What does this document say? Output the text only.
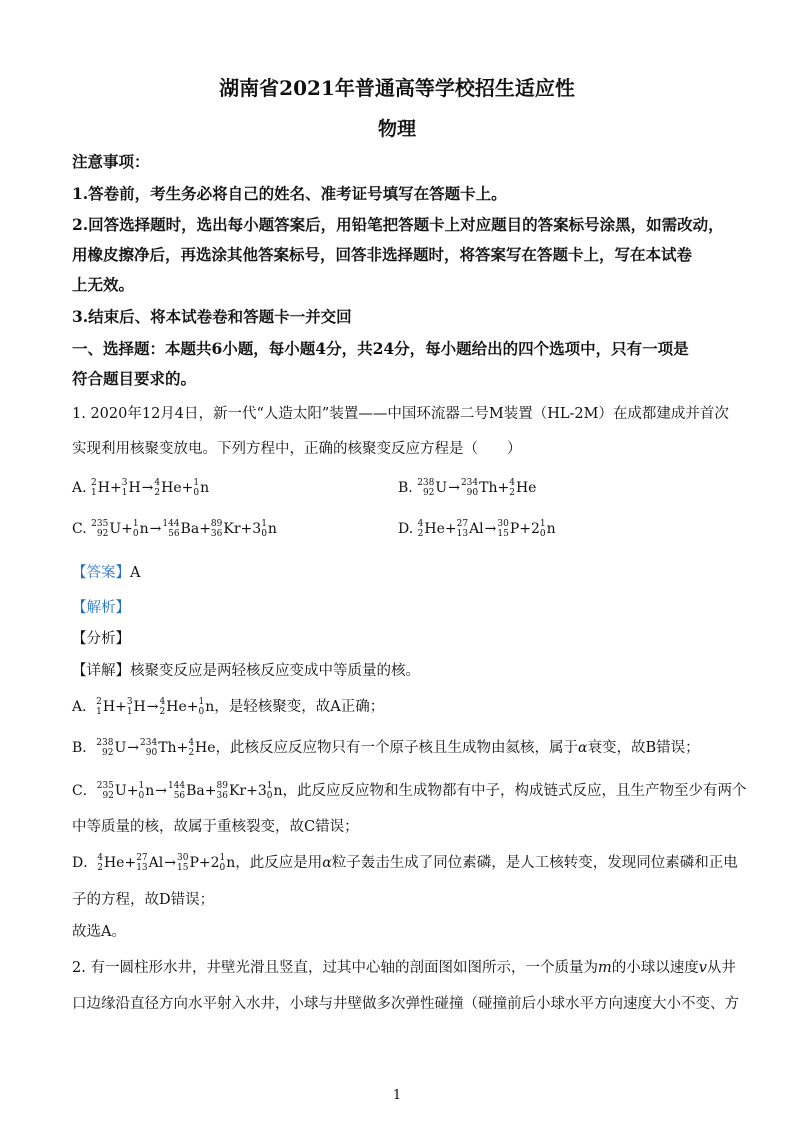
湖南省2021年普通高等学校招生适应性
物理
注意事项：
1.答卷前，考生务必将自己的姓名、准考证号填写在答题卡上。
2.回答选择题时，选出每小题答案后，用铅笔把答题卡上对应题目的答案标号涂黑，如需改动，
用橡皮擦净后，再选涂其他答案标号，回答非选择题时，将答案写在答题卡上，写在本试卷
上无效。
3.结束后、将本试卷卷和答题卡一并交回
一、选择题：本题共6小题，每小题4分，共24分，每小题给出的四个选项中，只有一项是
符合题目要求的。
1. 2020年12月4日，新一代“人造太阳”装置——中国环流器二号M装置（HL-2M）在成都建成并首次
实现利用核聚变放电。下列方程中，正确的核聚变反应方程是（　　）
A. 2
1 H+ 3
1 H→ 4
2 He+ 1
0 n	B. 238
92 U→ 234
90 Th+ 4
2 He
C. 235
92 U+ 1
0 n→ 144
56 Ba+ 89
36 Kr+3 1
0 n	D. 4
2 He+ 27
13 Al→ 30
15 P+2 1
0 n
【答案】A
【解析】
【分析】
【详解】核聚变反应是两轻核反应变成中等质量的核。
A． 2
1 H+ 3
1 H→ 4
2 He+ 1
0 n，是轻核聚变，故A正确；
B． 238
92 U→ 234
90 Th+ 4
2 He，此核反应反应物只有一个原子核且生成物由氦核，属于α衰变，故B错误；
C． 235
92 U+ 1
0 n→ 144
56 Ba+ 89
36 Kr+3 1
0 n，此反应反应物和生成物都有中子，构成链式反应，且生产物至少有两个
中等质量的核，故属于重核裂变，故C错误；
D． 4
2 He+ 27
13 Al→ 30
15 P+2 1
0 n，此反应是用α粒子轰击生成了同位素磷，是人工核转变，发现同位素磷和正电
子的方程，故D错误；
故选A。
2. 有一圆柱形水井，井壁光滑且竖直，过其中心轴的剖面图如图所示，一个质量为m的小球以速度v从井
口边缘沿直径方向水平射入水井，小球与井壁做多次弹性碰撞（碰撞前后小球水平方向速度大小不变、方
1
